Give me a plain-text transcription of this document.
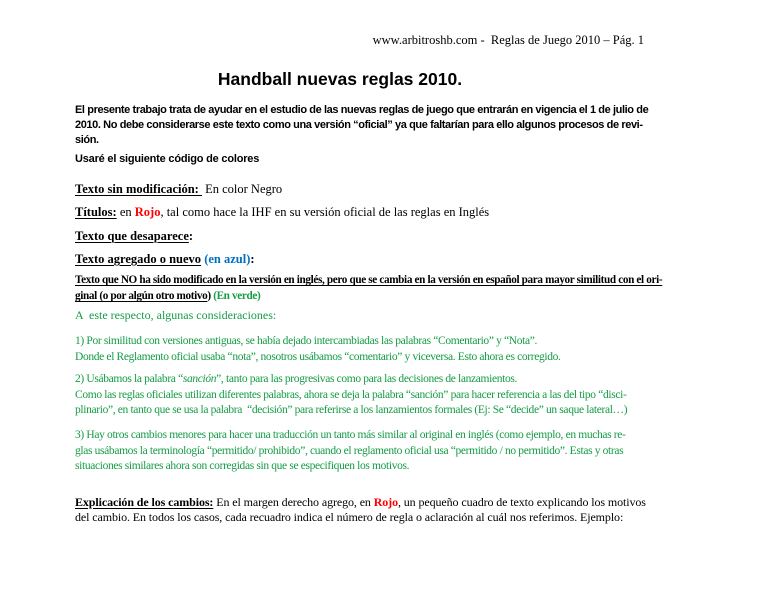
www.arbitroshb.com -  Reglas de Juego 2010 – Pág. 1
Handball nuevas reglas 2010.
El presente trabajo trata de ayudar en el estudio de las nuevas reglas de juego que entrarán en vigencia el 1 de julio de
2010. No debe considerarse este texto como una versión “oficial” ya que faltarían para ello algunos procesos de revi-
sión.
Usaré el siguiente código de colores
Texto sin modificación:  En color Negro
Títulos: en Rojo, tal como hace la IHF en su versión oficial de las reglas en Inglés
Texto que desaparece:
Texto agregado o nuevo (en azul):
Texto que NO ha sido modificado en la versión en inglés, pero que se cambia en la versión en español para mayor similitud con el ori-
ginal (o por algún otro motivo) (En verde)
A  este respecto, algunas consideraciones:
1) Por similitud con versiones antiguas, se había dejado intercambiadas las palabras “Comentario” y “Nota”.
Donde el Reglamento oficial usaba “nota”, nosotros usábamos “comentario” y viceversa. Esto ahora es corregido.
2) Usábamos la palabra “sanción”, tanto para las progresivas como para las decisiones de lanzamientos.
Como las reglas oficiales utilizan diferentes palabras, ahora se deja la palabra “sanción” para hacer referencia a las del tipo “disci-
plinario”, en tanto que se usa la palabra  “decisión” para referirse a los lanzamientos formales (Ej: Se “decide” un saque lateral…)
3) Hay otros cambios menores para hacer una traducción un tanto más similar al original en inglés (como ejemplo, en muchas re-
glas usábamos la terminología “permitido/ prohibido”, cuando el reglamento oficial usa “permitido / no permitido”. Estas y otras
situaciones similares ahora son corregidas sin que se especifiquen los motivos.
Explicación de los cambios: En el margen derecho agrego, en Rojo, un pequeño cuadro de texto explicando los motivos
del cambio. En todos los casos, cada recuadro indica el número de regla o aclaración al cuál nos referimos. Ejemplo:
